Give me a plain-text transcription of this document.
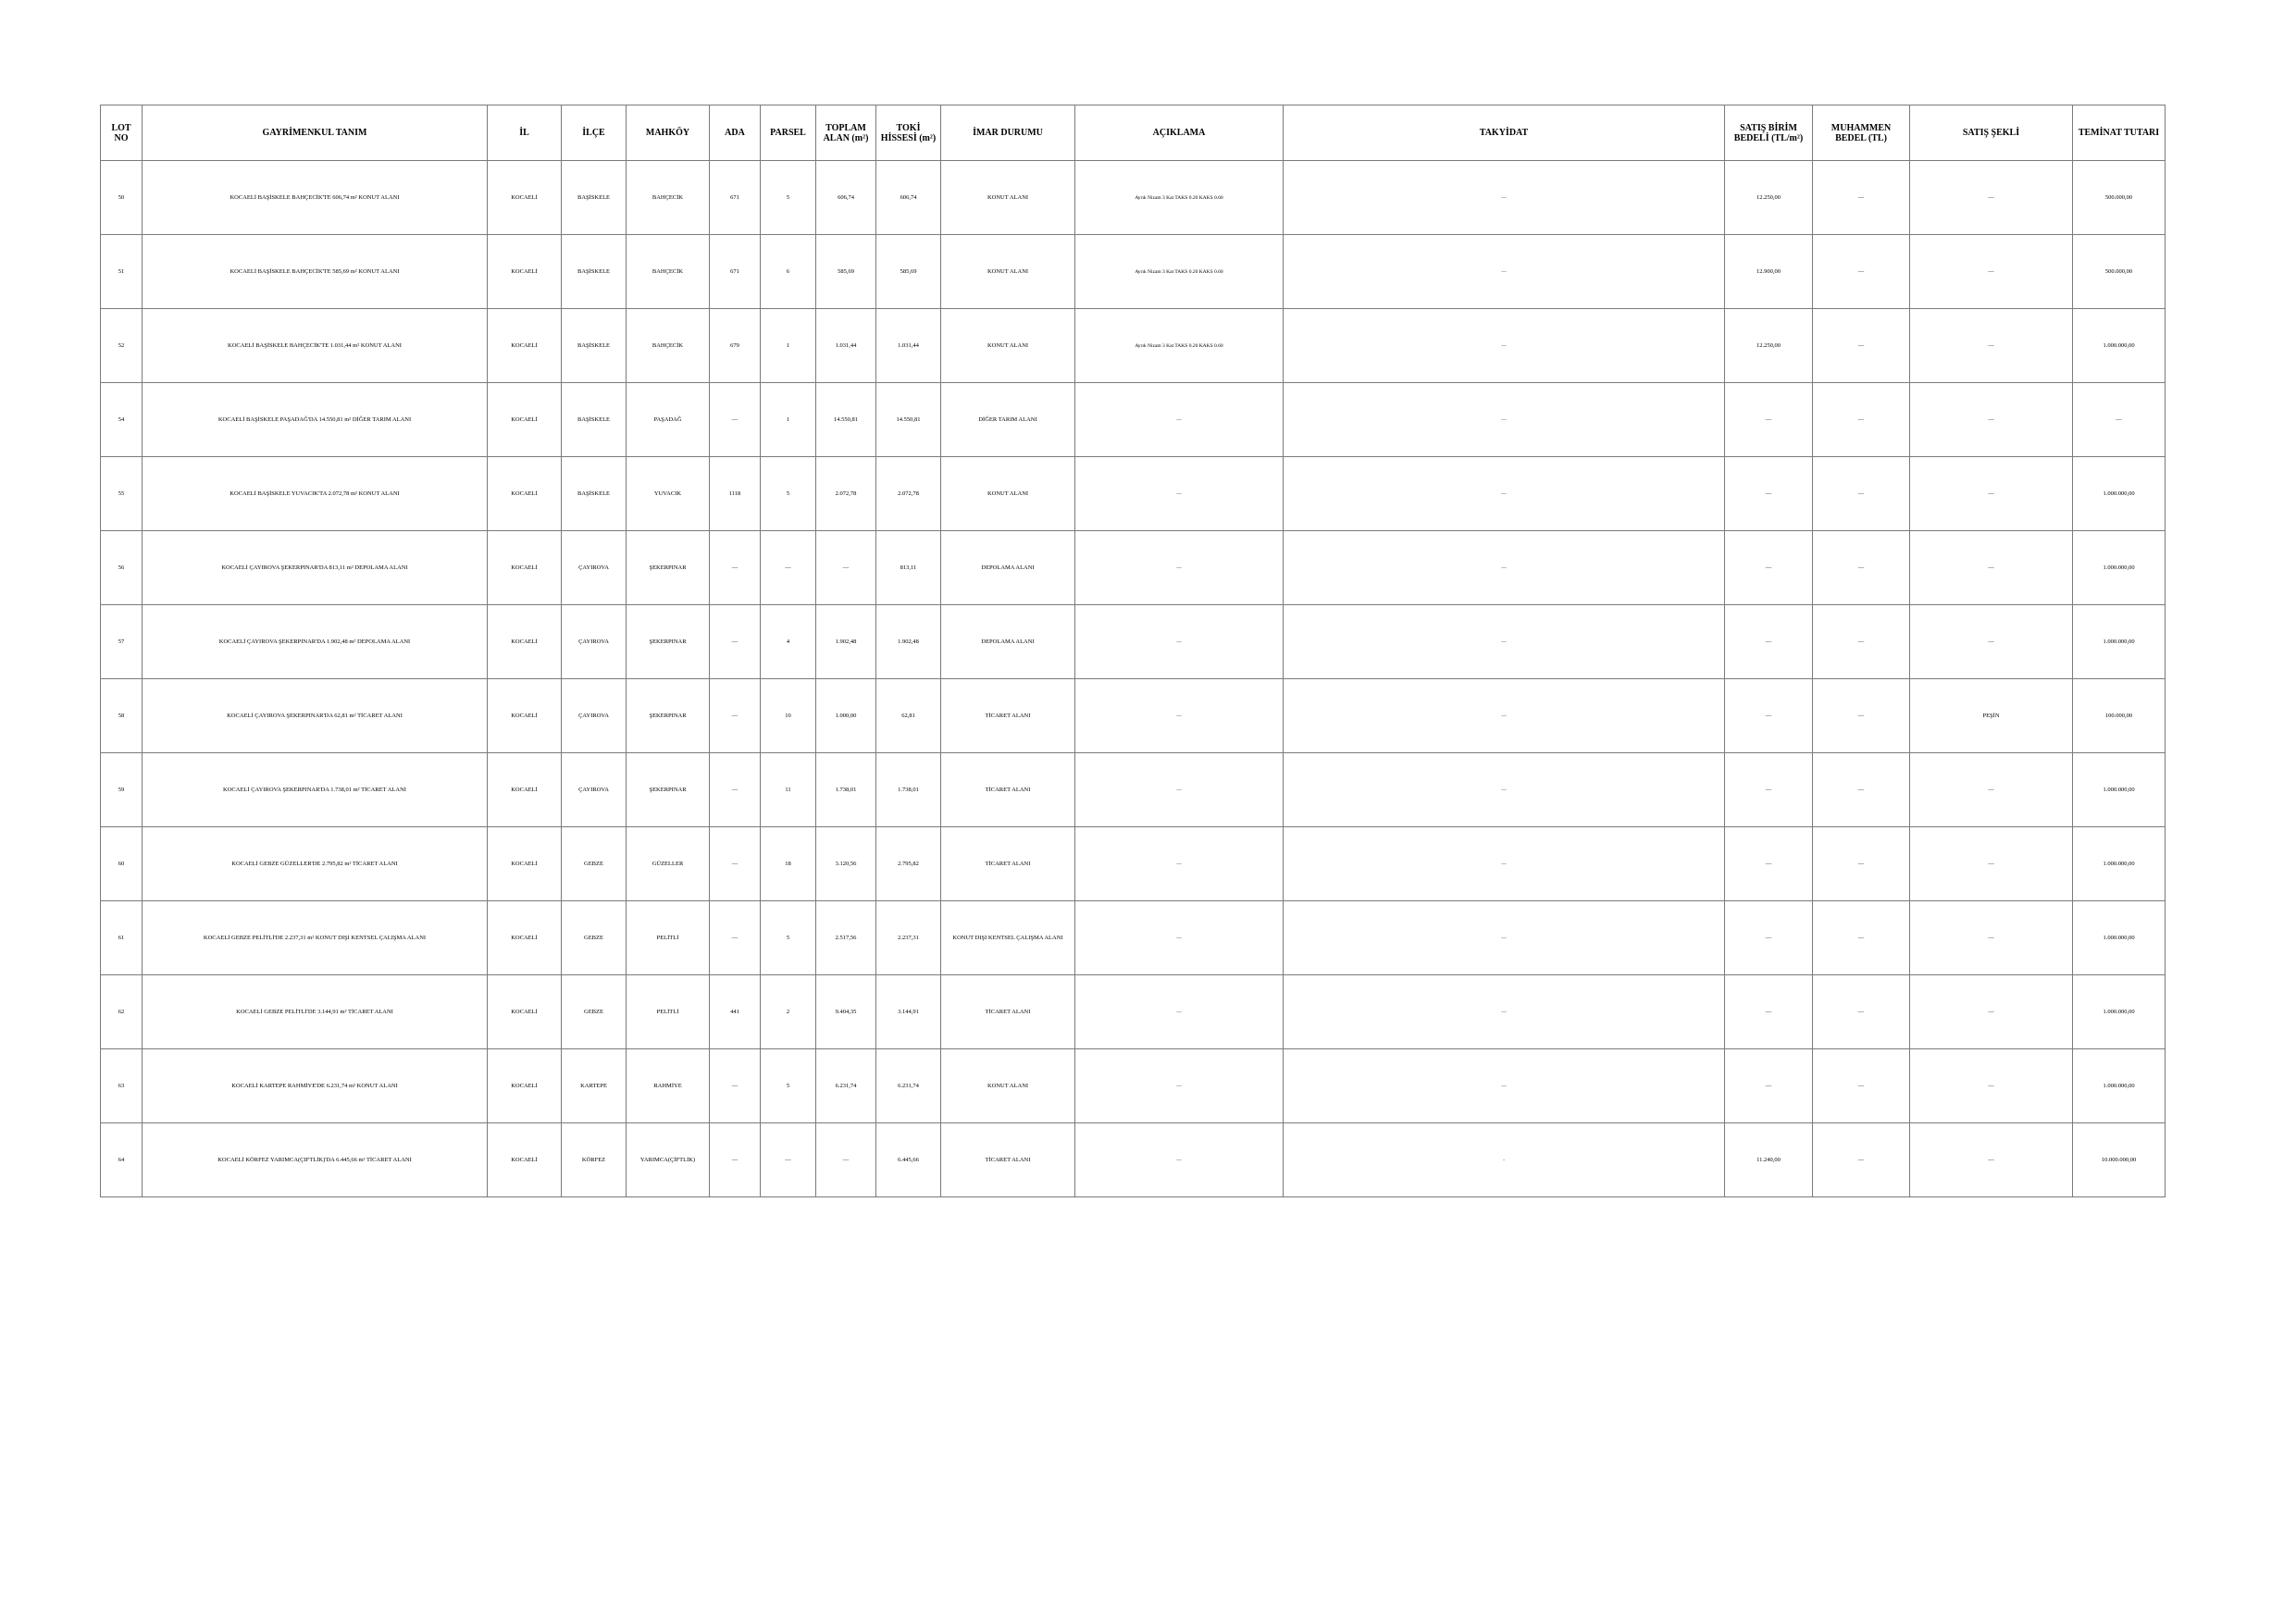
LOT NO	GAYRİMENKUL TANIM	İL	İLÇE	MAHKÖY	ADA	PARSEL	TOPLAM ALAN (m²)	TOKİ HİSSESİ (m²)	İMAR DURUMU	AÇIKLAMA	TAKYİDAT	SATIŞ BİRİM BEDELİ (TL/m²)	MUHAMMEN BEDEL (TL)	SATIŞ ŞEKLİ	TEMİNAT TUTARI
50	KOCAELİ BAŞİSKELE BAHÇECİK'TE 606,74 m² KONUT ALANI	KOCAELİ	BAŞİSKELE	BAHÇECİK	671	5	606,74	606,74	KONUT ALANI	Ayrık Nizam 3 Kat TAKS 0.20 KAKS 0.60	—	12.250,00	—	—	500.000,00
51	KOCAELİ BAŞİSKELE BAHÇECİK'TE 585,69 m² KONUT ALANI	KOCAELİ	BAŞİSKELE	BAHÇECİK	671	6	585,69	585,69	KONUT ALANI	Ayrık Nizam 3 Kat TAKS 0.20 KAKS 0.60	—	12.900,00	—	—	500.000,00
52	KOCAELİ BAŞİSKELE BAHÇECİK'TE 1.031,44 m² KONUT ALANI	KOCAELİ	BAŞİSKELE	BAHÇECİK	679	1	1.031,44	1.031,44	KONUT ALANI	Ayrık Nizam 3 Kat TAKS 0.20 KAKS 0.60	—	12.250,00	—	—	1.000.000,00
54	KOCAELİ BAŞİSKELE PAŞADAĞ'DA 14.550,81 m² DİĞER TARIM ALANI	KOCAELİ	BAŞİSKELE	PAŞADAĞ	—	1	14.550,81	14.550,81	DİĞER TARIM ALANI	—	—	—	—	—	—
55	KOCAELİ BAŞİSKELE YUVACIK'TA 2.072,78 m² KONUT ALANI	KOCAELİ	BAŞİSKELE	YUVACIK	1118	5	2.072,78	2.072,78	KONUT ALANI	—	—	—	—	—	1.000.000,00
56	KOCAELİ ÇAYIROVA ŞEKERPINAR'DA 813,11 m² DEPOLAMA ALANI	KOCAELİ	ÇAYIROVA	ŞEKERPINAR	—	—	—	813,11	DEPOLAMA ALANI	—	—	—	—	—	1.000.000,00
57	KOCAELİ ÇAYIROVA ŞEKERPINAR'DA 1.902,48 m² DEPOLAMA ALANI	KOCAELİ	ÇAYIROVA	ŞEKERPINAR	—	4	1.902,48	1.902,48	DEPOLAMA ALANI	—	—	—	—	—	1.000.000,00
58	KOCAELİ ÇAYIROVA ŞEKERPINAR'DA 62,81 m² TİCARET ALANI	KOCAELİ	ÇAYIROVA	ŞEKERPINAR	—	10	1.000,00	62,81	TİCARET ALANI	—	—	—	—	PEŞİN	100.000,00
59	KOCAELİ ÇAYIROVA ŞEKERPINAR'DA 1.738,01 m² TİCARET ALANI	KOCAELİ	ÇAYIROVA	ŞEKERPINAR	—	11	1.738,01	1.738,01	TİCARET ALANI	—	—	—	—	—	1.000.000,00
60	KOCAELİ GEBZE GÜZELLER'DE 2.795,82 m² TİCARET ALANI	KOCAELİ	GEBZE	GÜZELLER	—	18	3.120,56	2.795,82	TİCARET ALANI	—	—	—	—	—	1.000.000,00
61	KOCAELİ GEBZE PELİTLİ'DE 2.237,31 m² KONUT DIŞI KENTSEL ÇALIŞMA ALANI	KOCAELİ	GEBZE	PELİTLİ	—	5	2.517,56	2.237,31	KONUT DIŞI KENTSEL ÇALIŞMA ALANI	—	—	—	—	—	1.000.000,00
62	KOCAELİ GEBZE PELİTLİ'DE 3.144,91 m² TİCARET ALANI	KOCAELİ	GEBZE	PELİTLİ	441	2	9.404,35	3.144,91	TİCARET ALANI	—	—	—	—	—	1.000.000,00
63	KOCAELİ KARTEPE RAHMİYE'DE 6.231,74 m² KONUT ALANI	KOCAELİ	KARTEPE	RAHMİYE	—	5	6.231,74	6.231,74	KONUT ALANI	—	—	—	—	—	1.000.000,00
64	KOCAELİ KÖRFEZ YARIMCA(ÇIFTLİK)'DA 6.445,66 m² TİCARET ALANI	KOCAELİ	KÖRFEZ	YARIMCA(ÇİFTLİK)	—	—	—	6.445,66	TİCARET ALANI	—	-	11.240,00	—	—	10.000.000,00
